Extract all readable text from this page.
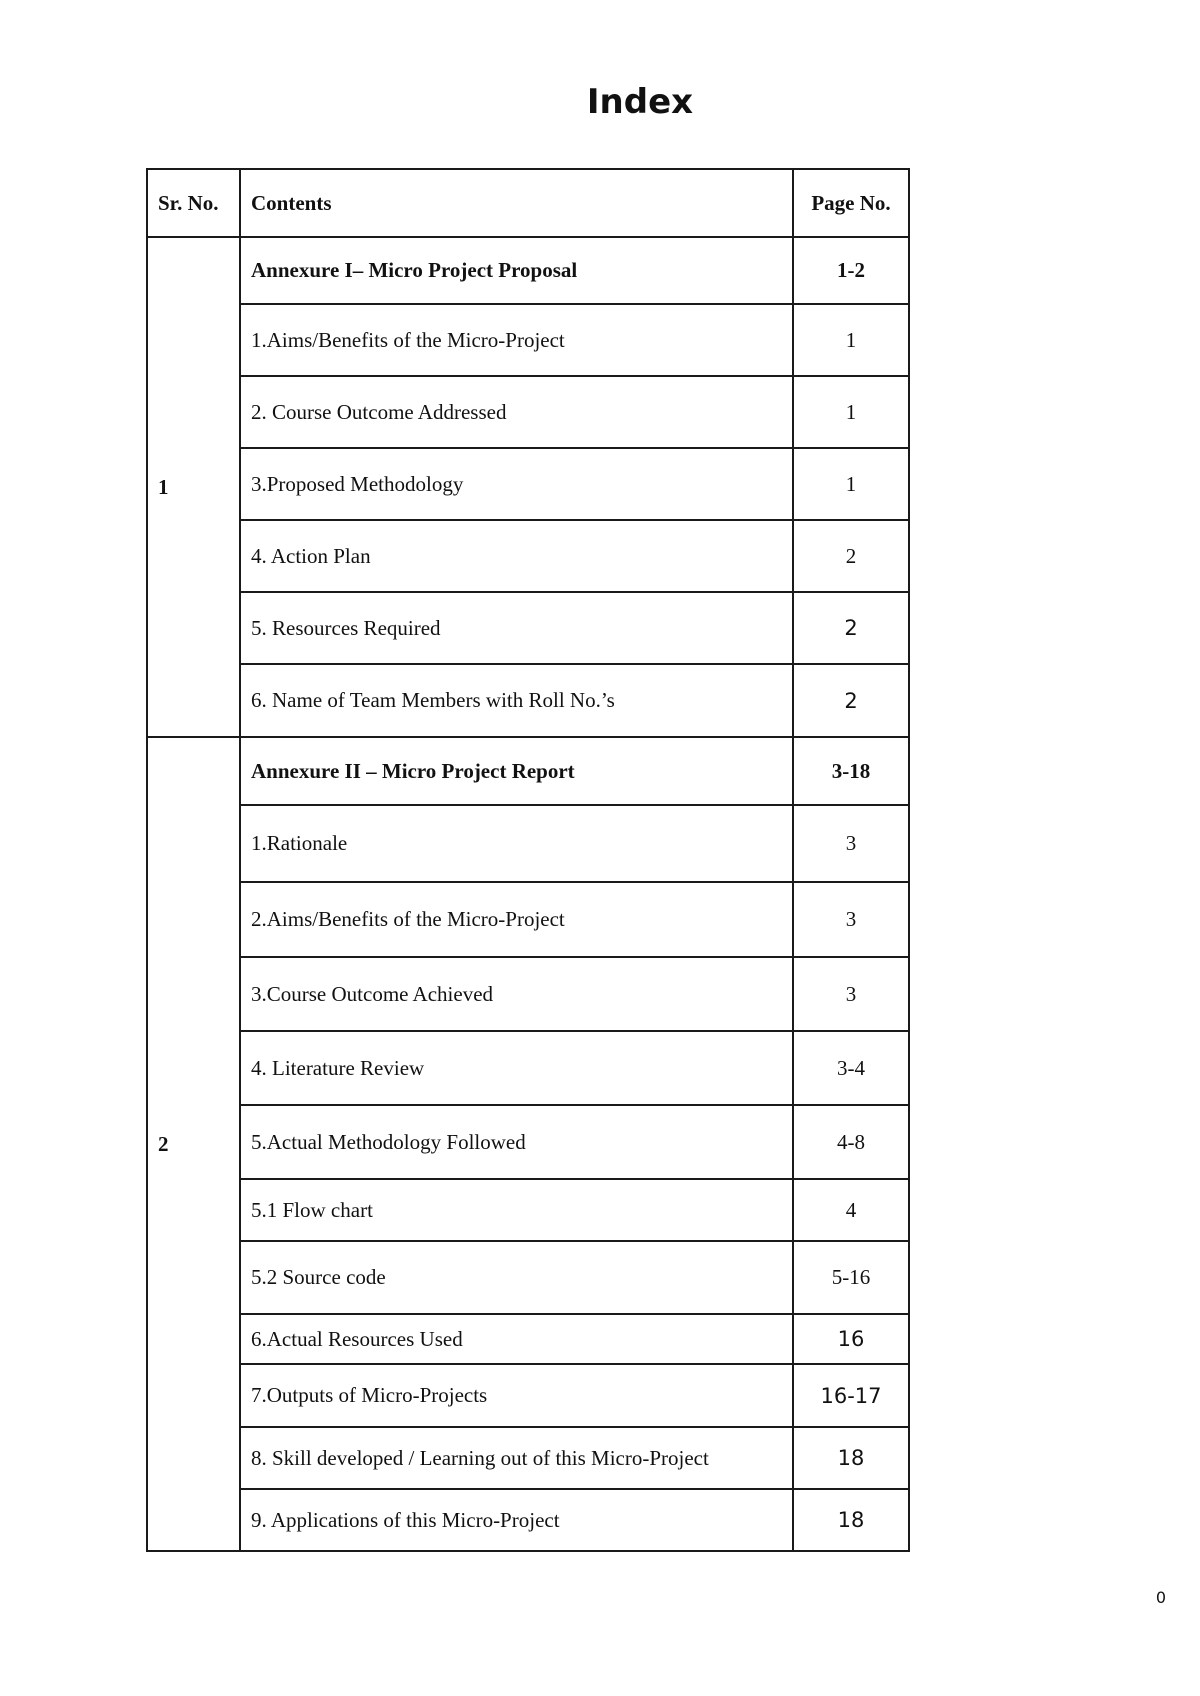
Index
Sr. No.	Contents	Page No.
1	Annexure I– Micro Project Proposal	1-2
	1.Aims/Benefits of the Micro-Project	1
	2. Course Outcome Addressed	1
	3.Proposed Methodology	1
	4. Action Plan	2
	5. Resources Required	2
	6. Name of Team Members with Roll No.’s	2
2	Annexure II – Micro Project Report	3-18
	1.Rationale	3
	2.Aims/Benefits of the Micro-Project	3
	3.Course Outcome Achieved	3
	4. Literature Review	3-4
	5.Actual Methodology Followed	4-8
	5.1 Flow chart	4
	5.2 Source code	5-16
	6.Actual Resources Used	16
	7.Outputs of Micro-Projects	16-17
	8. Skill developed / Learning out of this Micro-Project	18
	9. Applications of this Micro-Project	18
0
